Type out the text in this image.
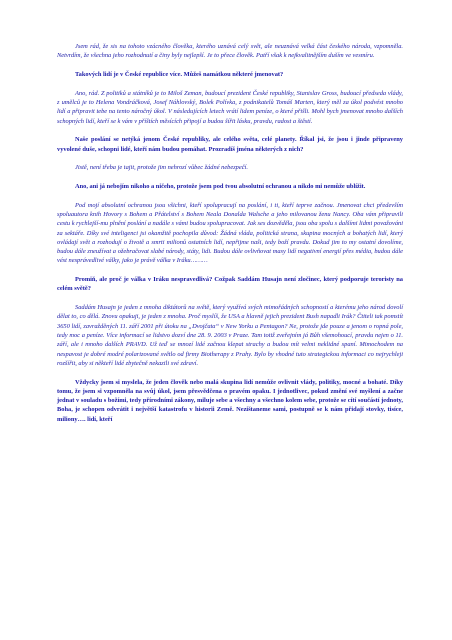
Jsem rád, že sis na tohoto vzácného člověka, kterého uznává celý svět, ale neuznává velká část českého národa, vzpomněla. Netvrdím, že všechna jeho rozhodnutí a činy byly nejlepší. Je to přece člověk. Patří však k nejkvalitnějším duším ve vesmíru.

Takových lidí je v České republice více. Můžeš namátkou některé jmenovat?

Ano, rád. Z politiků a státníků je to Miloš Zeman, budoucí prezident České republiky, Stanislav Gross, budoucí předseda vlády, z umělců je to Helena Vondráčková, Josef Náhlovský, Bolek Polívka, z podnikatelů Tomáš Marten, který měl za úkol podvést mnoho lidí a připravit tebe na tento náročný úkol. V následujících letech vrátí lidem peníze, o které přišli. Mohl bych jmenovat mnoho dalších schopných lidí, kteří se k vám v příštích měsících připojí a budou šířit lásku, pravdu, radost a štěstí.

Naše poslání se netýká jenom České republiky, ale celého světa, celé planety. Říkal jsi, že jsou i jinde připraveny vyvolené duše, schopni lidé, kteří nám budou pomáhat. Prozradíš jména některých z nich?

Jistě, není třeba je tajit, protože jim nehrozí vůbec žádné nebezpečí.

Ano, ani já nebojím nikoho a ničeho, protože jsem pod tvou absolutní ochranou a nikdo mi nemůže ublížit.

Pod mojí absolutní ochranou jsou všichni, kteří spolupracují na poslání, i ti, kteří teprve začnou. Jmenovat chci především spoluautora knih Hovory s Bohem a Přátelství s Bohem Neala Donalda Walsche a jeho milovanou ženu Nancy. Oba vám připravili cestu k rychlejší-mu plnění poslání a nadále s vámi budou spolupracovat. Jak ses dozvěděla, jsou oba spolu s dalšími lidmi považováni za sektáře. Díky své inteligenci jsi okamžitě pochopila důvod: Žádná vláda, politická strana, skupina mocných a bohatých lidí, který ovládají svět a rozhodují o životě a smrti milionů ostatních lidí, nepřijme naši, tedy boží pravdu. Dokud jim to my ostatní dovolíme, budou dále zneužívat a ožebračovat slabé národy, státy, lidi. Budou dále ovlivňovat masy lidí negativní energií přes média, budou dále vést nesprávedlivé války, jako je právě válka v Iráku………

Promiň, ale proč je válka v Iráku nespravedlivá? Cožpak Saddám Husajn není zločinec, který podporuje teroristy na celém světě?

Saddám Husajn je jeden z mnoha diktátorů na světě, který využívá svých mimořádných schopností a kterému jeho národ dovolí dělat to, co dělá. Znovu opakuji, je jeden z mnoha. Proč myslíš, že USA a hlavně jejich prezident Bush napadli Irák? Čtiteli tak pomstít 3650 lidí, zavražděných 11. září 2001 při útoku na „Dvojčata“ v New Yorku a Pentagon? Ne, protože jde pouze a jenom o ropná pole, tedy moc a peníze. Více informací se lidstvo dozví dne 28. 9. 2003 v Praze. Tam totiž zveřejním já Bůh všemohoucí, pravdu nejen o 11. září, ale i mnoho dalších PRAVD. Už teď se mnozí lidé začnou klepat strachy a budou mít velmi neklidné spaní. Mimochodem na nespavost je dobré modré polarizované světlo od firmy Biotherapy z Prahy. Bylo by vhodné tuto strategickou informaci co nejrychleji rozšířit, aby si někteří lidé zbytečně nekazili své zdraví.

Vždycky jsem si myslela, že jeden člověk nebo malá skupina lidí nemůže ovlivnit vlády, politiky, mocné a bohaté. Díky tomu, že jsem si vzpomněla na svůj úkol, jsem přesvědčena o pravém opaku. I jednotlivec, pokud změní své myšlení a začne jednat v souladu s božími, tedy přírodními zákony, miluje sebe a všechny a všechno kolem sebe, protože se cítí součástí jednoty, Boha, je schopen odvrátit i největší katastrofu v historii Země. Nezištaneme sami, postupně se k nám přidají stovky, tisíce, miliony…. lidí, kteří
